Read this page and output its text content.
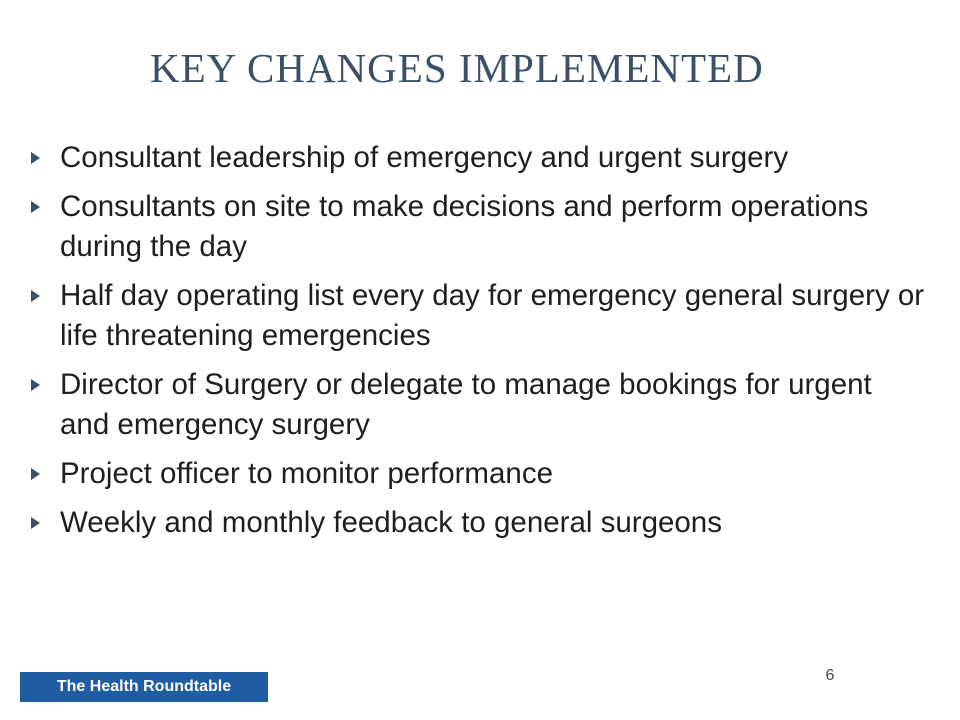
KEY CHANGES IMPLEMENTED
Consultant leadership of emergency and urgent surgery
Consultants on site to make decisions and perform operations during the day
Half day operating list every day for emergency general surgery or life threatening emergencies
Director of Surgery or delegate to manage bookings for urgent and emergency surgery
Project officer to monitor performance
Weekly and monthly feedback to general surgeons
The Health Roundtable
6
